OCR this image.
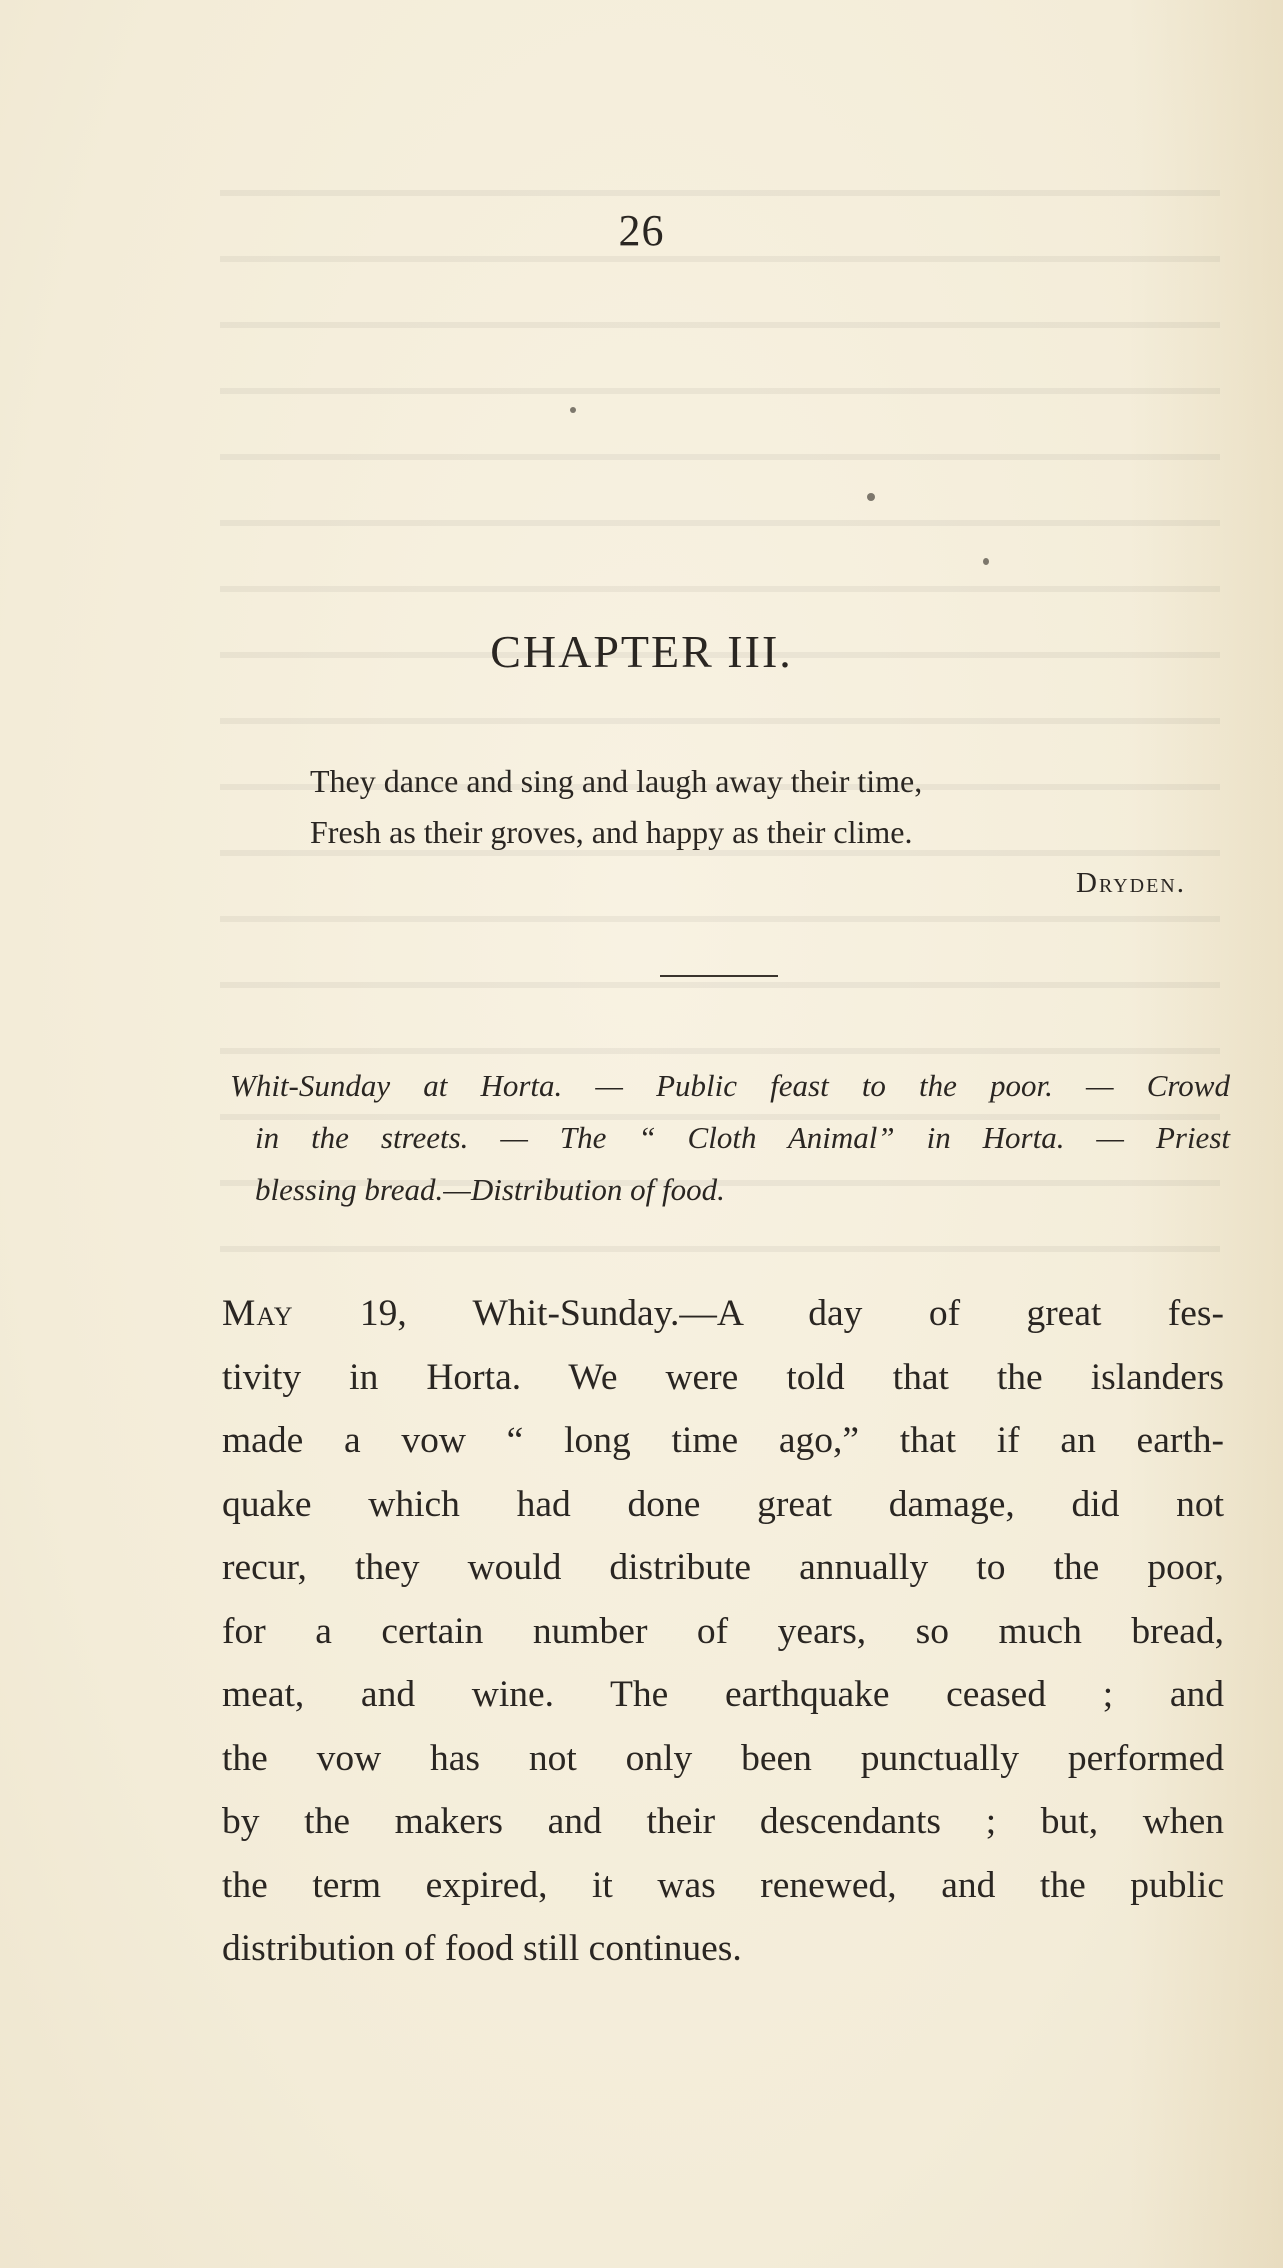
26
CHAPTER III.
They dance and sing and laugh away their time,
Fresh as their groves, and happy as their clime.
Dryden.
Whit-Sunday at Horta. — Public feast to the poor. — Crowd
in the streets. — The “ Cloth Animal” in Horta. — Priest
blessing bread.—Distribution of food.
May 19, Whit-Sunday.—A day of great fes-
tivity in Horta. We were told that the islanders
made a vow “ long time ago,” that if an earth-
quake which had done great damage, did not
recur, they would distribute annually to the poor,
for a certain number of years, so much bread,
meat, and wine. The earthquake ceased ; and
the vow has not only been punctually performed
by the makers and their descendants ; but, when
the term expired, it was renewed, and the public
distribution of food still continues.
